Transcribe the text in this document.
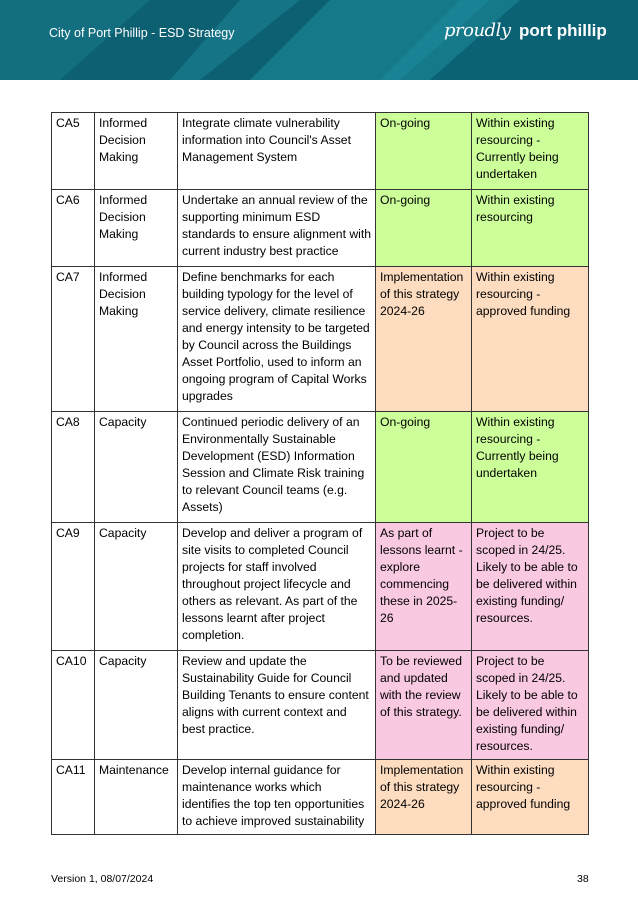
City of Port Phillip - ESD Strategy	proudly port phillip
CA5	Informed Decision Making	Integrate climate vulnerability information into Council's Asset Management System	On-going	Within existing resourcing - Currently being undertaken
CA6	Informed Decision Making	Undertake an annual review of the supporting minimum ESD standards to ensure alignment with current industry best practice	On-going	Within existing resourcing
CA7	Informed Decision Making	Define benchmarks for each building typology for the level of service delivery, climate resilience and energy intensity to be targeted by Council across the Buildings Asset Portfolio, used to inform an ongoing program of Capital Works upgrades	Implementation of this strategy 2024-26	Within existing resourcing - approved funding
CA8	Capacity	Continued periodic delivery of an Environmentally Sustainable Development (ESD) Information Session and Climate Risk training to relevant Council teams (e.g. Assets)	On-going	Within existing resourcing - Currently being undertaken
CA9	Capacity	Develop and deliver a program of site visits to completed Council projects for staff involved throughout project lifecycle and others as relevant. As part of the lessons learnt after project completion.	As part of lessons learnt - explore commencing these in 2025-26	Project to be scoped in 24/25. Likely to be able to be delivered within existing funding/ resources.
CA10	Capacity	Review and update the Sustainability Guide for Council Building Tenants to ensure content aligns with current context and best practice.	To be reviewed and updated with the review of this strategy.	Project to be scoped in 24/25. Likely to be able to be delivered within existing funding/ resources.
CA11	Maintenance	Develop internal guidance for maintenance works which identifies the top ten opportunities to achieve improved sustainability	Implementation of this strategy 2024-26	Within existing resourcing - approved funding
Version 1, 08/07/2024	38
